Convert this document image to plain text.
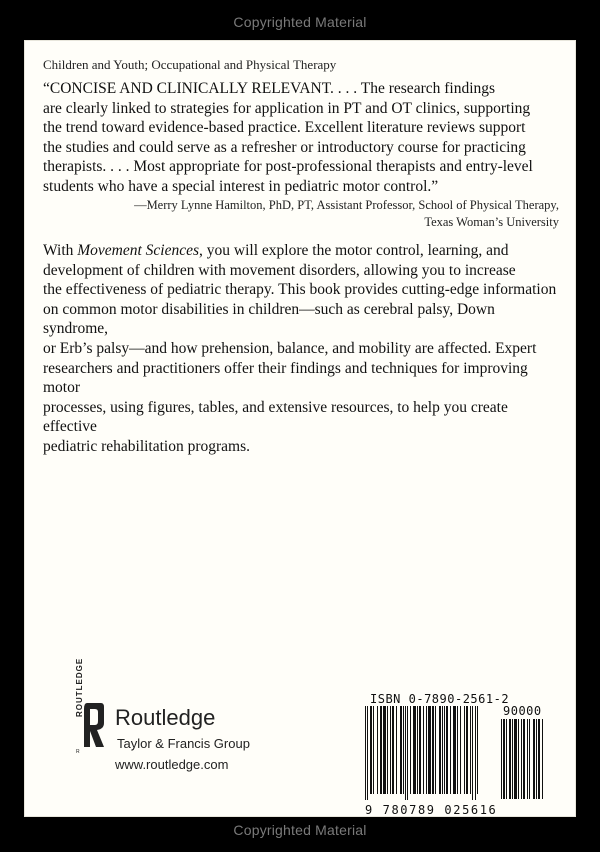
Copyrighted Material
Children and Youth; Occupational and Physical Therapy
“CONCISE AND CLINICALLY RELEVANT. . . . The research findings
are clearly linked to strategies for application in PT and OT clinics, supporting
the trend toward evidence-based practice. Excellent literature reviews support
the studies and could serve as a refresher or introductory course for practicing
therapists. . . . Most appropriate for post-professional therapists and entry-level
students who have a special interest in pediatric motor control.”
—Merry Lynne Hamilton, PhD, PT, Assistant Professor, School of Physical Therapy,
Texas Woman’s University
With Movement Sciences, you will explore the motor control, learning, and
development of children with movement disorders, allowing you to increase
the effectiveness of pediatric therapy. This book provides cutting-edge information
on common motor disabilities in children—such as cerebral palsy, Down syndrome,
or Erb’s palsy—and how prehension, balance, and mobility are affected. Expert
researchers and practitioners offer their findings and techniques for improving motor
processes, using figures, tables, and extensive resources, to help you create effective
pediatric rehabilitation programs.
R
ROUTLEDGE
Routledge
Taylor & Francis Group
www.routledge.com
ISBN 0-7890-2561-2
90000
9 780789 025616
Copyrighted Material
